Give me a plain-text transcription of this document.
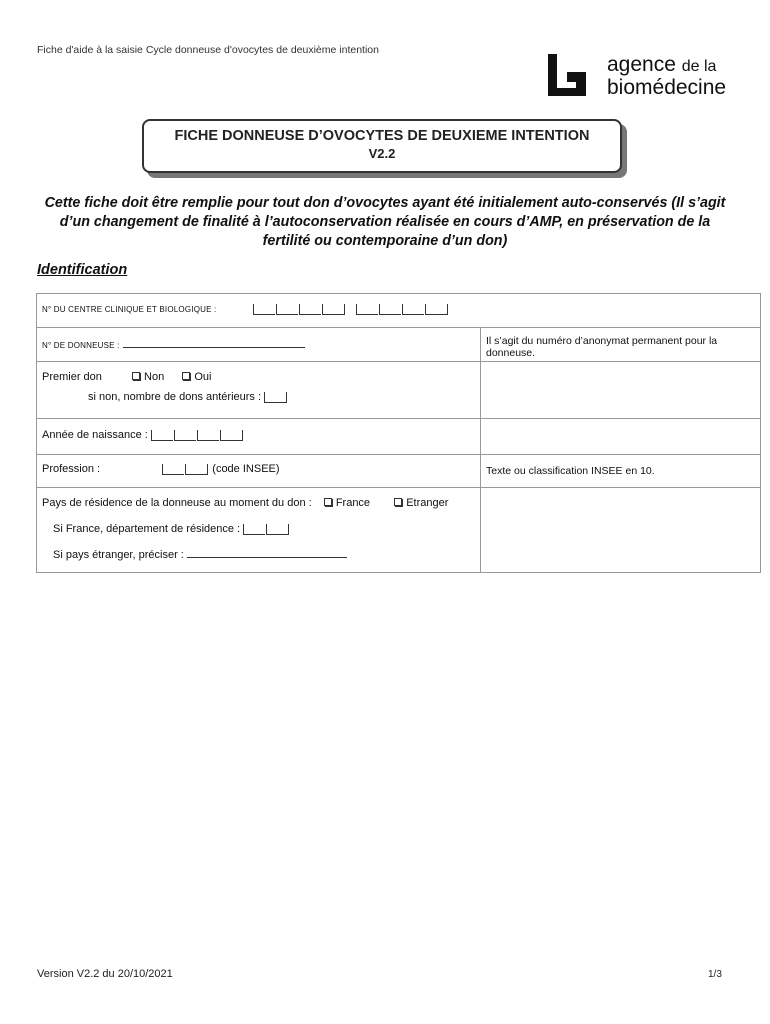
Fiche d'aide à la saisie Cycle donneuse d'ovocytes de deuxième intention
agence de la
biomédecine
FICHE DONNEUSE D’OVOCYTES DE DEUXIEME INTENTION
V2.2
Cette fiche doit être remplie pour tout don d’ovocytes ayant été initialement auto-conservés (Il s’agit d’un changement de finalité à l’autoconservation réalisée en cours d’AMP, en préservation de la fertilité ou contemporaine d’un don)
Identification
N° DU CENTRE CLINIQUE ET BIOLOGIQUE :	

N° DE DONNEUSE :	Il s’agit du numéro d’anonymat permanent pour la donneuse.

Premier don Non Oui
si non, nombre de dons antérieurs :	

Année de naissance :	

Profession : (code INSEE)	Texte ou classification INSEE en 10.

Pays de résidence de la donneuse au moment du don : France Etranger
Si France, département de résidence :
Si pays étranger, préciser :	

Version V2.2 du 20/10/2021	1/3
